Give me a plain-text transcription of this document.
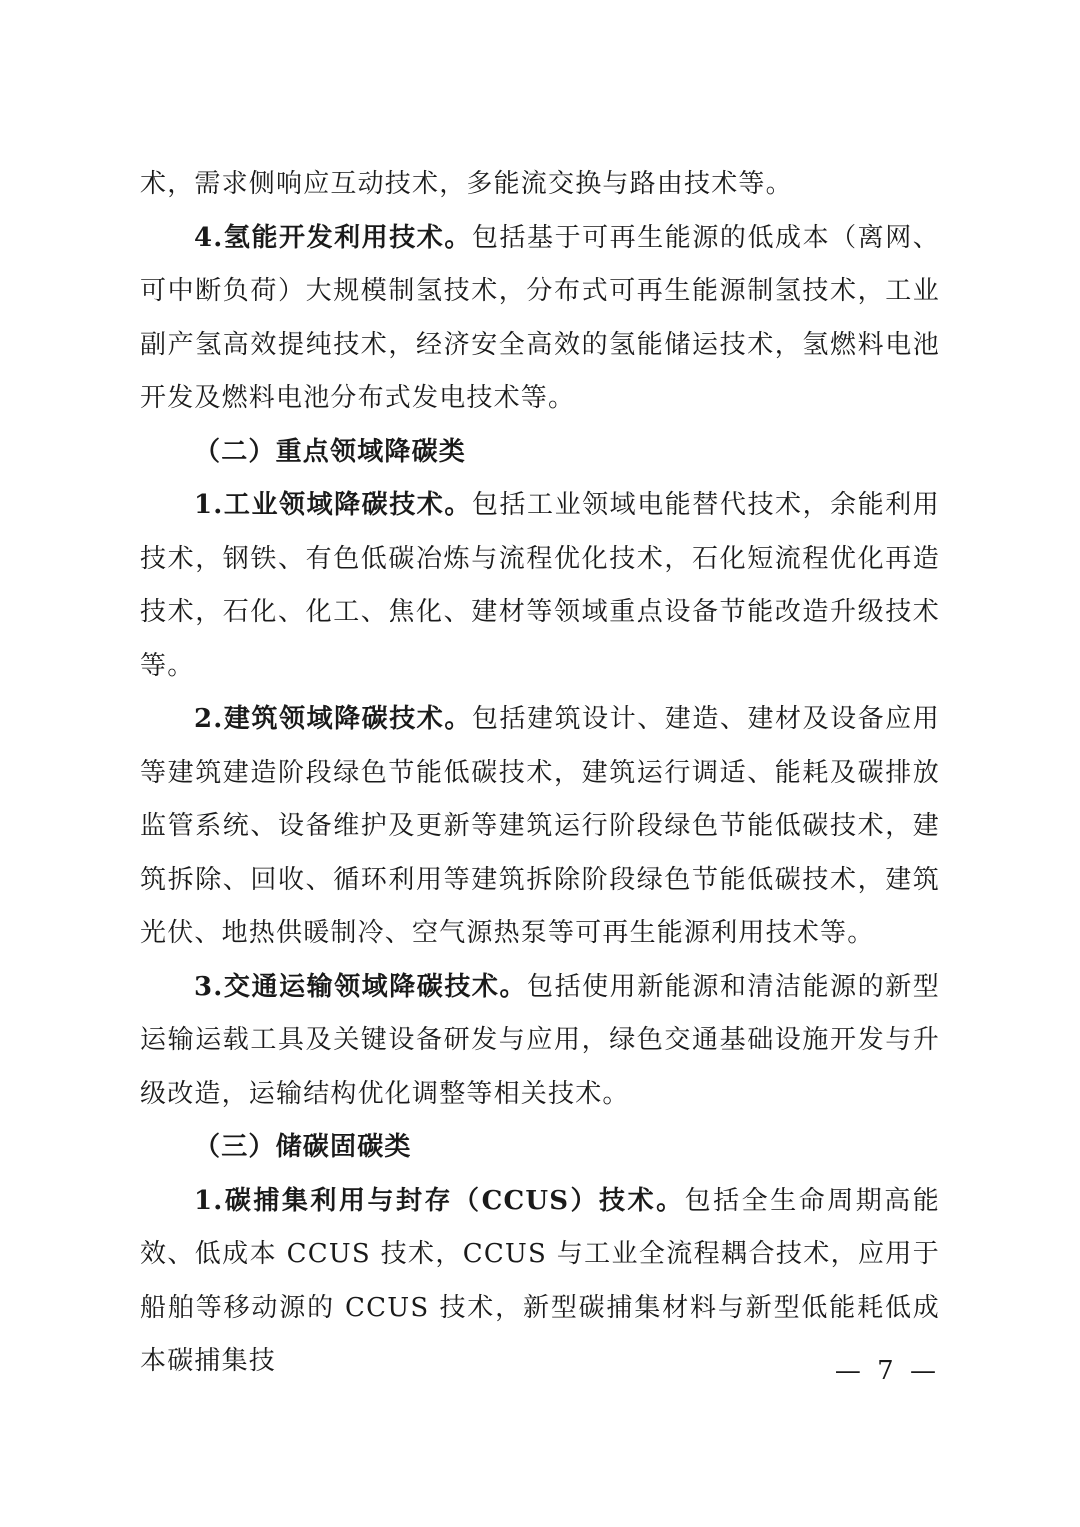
术，需求侧响应互动技术，多能流交换与路由技术等。

4.氢能开发利用技术。包括基于可再生能源的低成本（离网、可中断负荷）大规模制氢技术，分布式可再生能源制氢技术，工业副产氢高效提纯技术，经济安全高效的氢能储运技术，氢燃料电池开发及燃料电池分布式发电技术等。

（二）重点领域降碳类

1.工业领域降碳技术。包括工业领域电能替代技术，余能利用技术，钢铁、有色低碳冶炼与流程优化技术，石化短流程优化再造技术，石化、化工、焦化、建材等领域重点设备节能改造升级技术等。

2.建筑领域降碳技术。包括建筑设计、建造、建材及设备应用等建筑建造阶段绿色节能低碳技术，建筑运行调适、能耗及碳排放监管系统、设备维护及更新等建筑运行阶段绿色节能低碳技术，建筑拆除、回收、循环利用等建筑拆除阶段绿色节能低碳技术，建筑光伏、地热供暖制冷、空气源热泵等可再生能源利用技术等。

3.交通运输领域降碳技术。包括使用新能源和清洁能源的新型运输运载工具及关键设备研发与应用，绿色交通基础设施开发与升级改造，运输结构优化调整等相关技术。

（三）储碳固碳类

1.碳捕集利用与封存（CCUS）技术。包括全生命周期高能效、低成本 CCUS 技术，CCUS 与工业全流程耦合技术，应用于船舶等移动源的 CCUS 技术，新型碳捕集材料与新型低能耗低成本碳捕集技	— 7 —
